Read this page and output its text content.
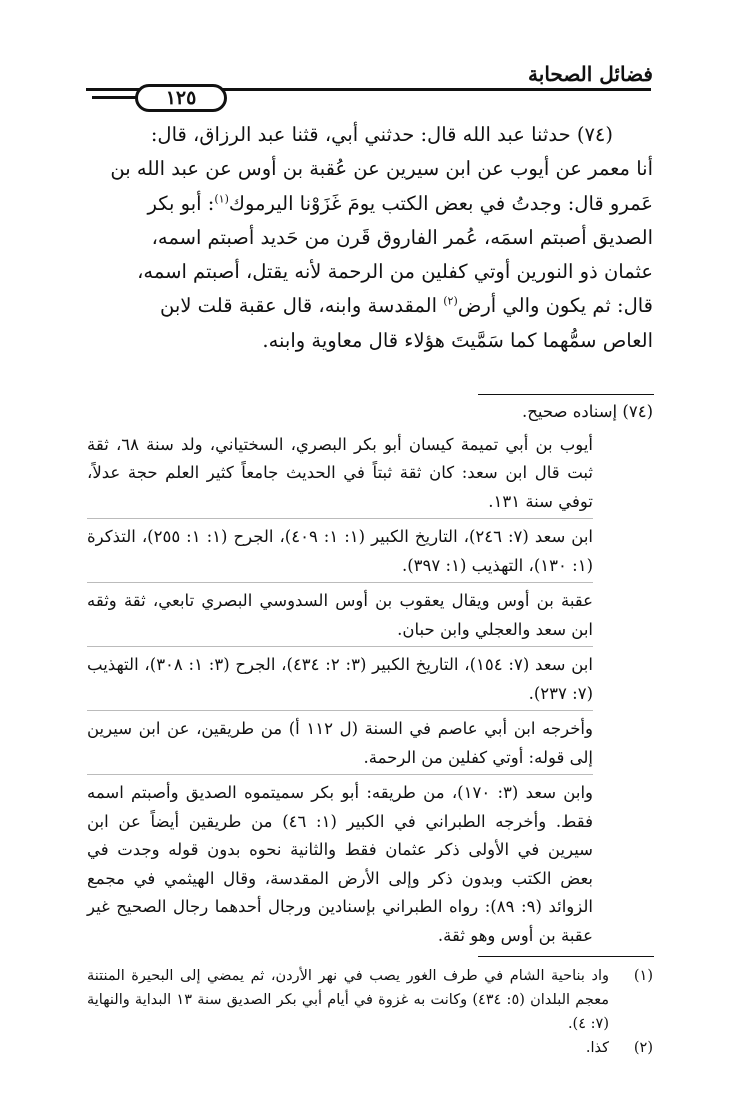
فضائل الصحابة
١٢٥

(٧٤) حدثنا عبد الله قال: حدثني أبي، قثنا عبد الرزاق، قال:

أنا معمر عن أيوب عن ابن سيرين عن عُقبة بن أوس عن عبد الله بن

عَمرو قال: وجدتُ في بعض الكتب يومَ غَزَوْنا اليرموك$^{(١)}$: أبو بكر

الصديق أصبتم اسمَه، عُمر الفاروق قَرن من حَديد أصبتم اسمه،

عثمان ذو النورين أوتي كفلين من الرحمة لأنه يقتل، أصبتم اسمه،

قال: ثم يكون والي أرض$^{(٢)}$ المقدسة وابنه، قال عقبة قلت لابن

العاص سمُّهما كما سَمَّيتَ هؤلاء قال معاوية وابنه.

(٧٤) إسناده صحيح.

أيوب بن أبي تميمة كيسان أبو بكر البصري، السختياني، ولد سنة ٦٨، ثقة ثبت قال ابن سعد: كان ثقة ثبتاً في الحديث جامعاً كثير العلم حجة عدلاً، توفي سنة ١٣١.

ابن سعد (٧: ٢٤٦)، التاريخ الكبير (١: ١: ٤٠٩)، الجرح (١: ١: ٢٥٥)، التذكرة (١: ١٣٠)، التهذيب (١: ٣٩٧).

عقبة بن أوس ويقال يعقوب بن أوس السدوسي البصري تابعي، ثقة وثقه ابن سعد والعجلي وابن حبان.

ابن سعد (٧: ١٥٤)، التاريخ الكبير (٣: ٢: ٤٣٤)، الجرح (٣: ١: ٣٠٨)، التهذيب (٧: ٢٣٧).

وأخرجه ابن أبي عاصم في السنة (ل ١١٢ أ) من طريقين، عن ابن سيرين إلى قوله: أوتي كفلين من الرحمة.

وابن سعد (٣: ١٧٠)، من طريقه: أبو بكر سميتموه الصديق وأصبتم اسمه فقط. وأخرجه الطبراني في الكبير (١: ٤٦) من طريقين أيضاً عن ابن سيرين في الأولى ذكر عثمان فقط والثانية نحوه بدون قوله وجدت في بعض الكتب وبدون ذكر وإلى الأرض المقدسة، وقال الهيثمي في مجمع الزوائد (٩: ٨٩): رواه الطبراني بإسنادين ورجال أحدهما رجال الصحيح غير عقبة بن أوس وهو ثقة.

(١)
واد بناحية الشام في طرف الغور يصب في نهر الأردن، ثم يمضي إلى البحيرة المنتنة معجم البلدان (٥: ٤٣٤) وكانت به غزوة في أيام أبي بكر الصديق سنة ١٣ البداية والنهاية (٧: ٤).
(٢)
كذا.
